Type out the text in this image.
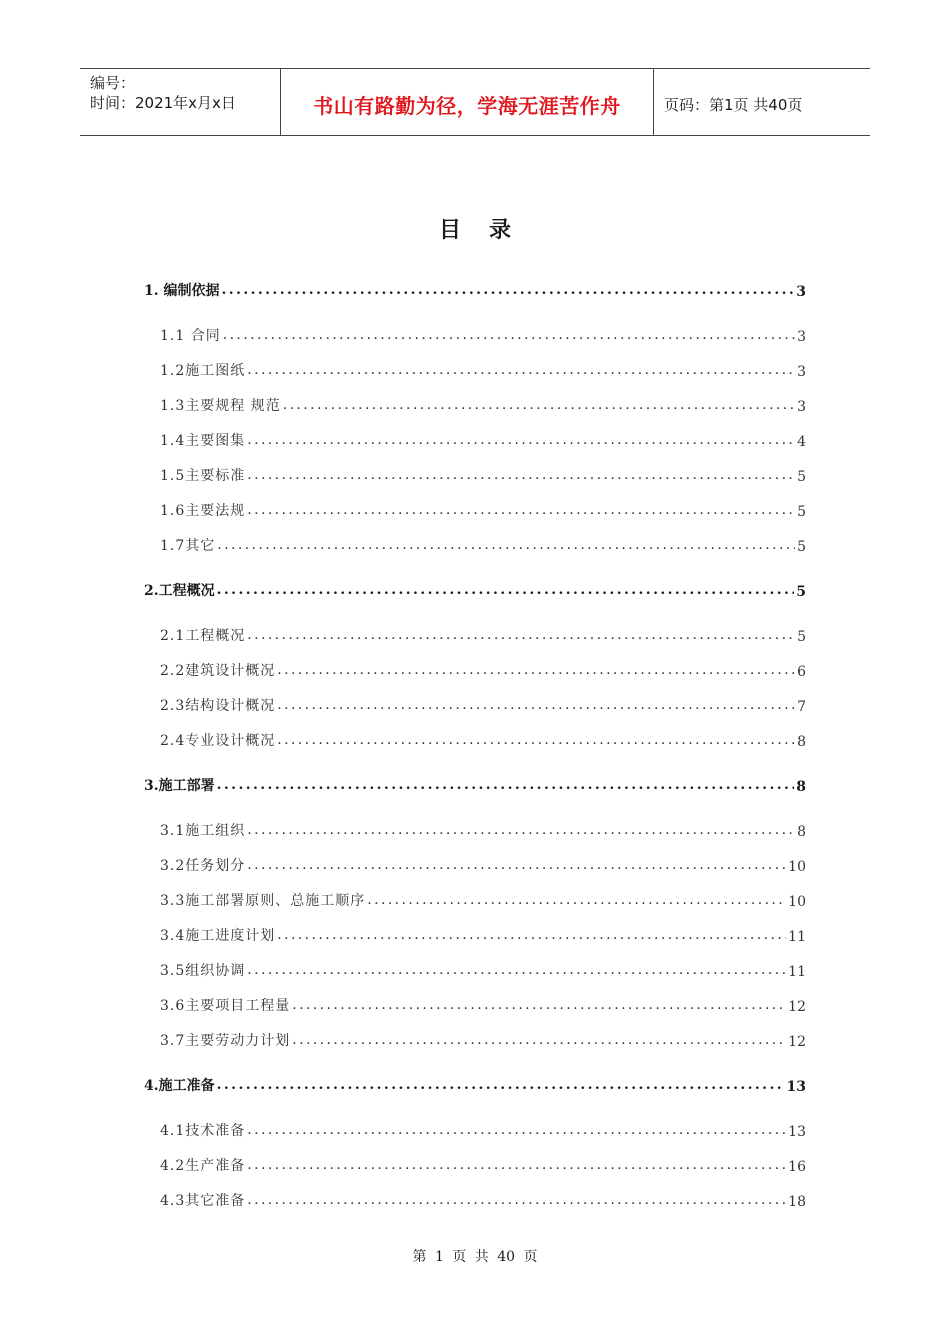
编号：
时间：2021年x月x日	书山有路勤为径，学海无涯苦作舟	页码：第1页 共40页
目录
1. 编制依据 .....	3
1.1 合同 .....	3
1.2施工图纸 .....	3
1.3主要规程 规范 .....	3
1.4主要图集 .....	4
1.5主要标准 .....	5
1.6主要法规 .....	5
1.7其它 .....	5
2.工程概况 .....	5
2.1工程概况 .....	5
2.2建筑设计概况 .....	6
2.3结构设计概况 .....	7
2.4专业设计概况 .....	8
3.施工部署 .....	8
3.1施工组织 .....	8
3.2任务划分 .....	10
3.3施工部署原则、总施工顺序 .....	10
3.4施工进度计划 .....	11
3.5组织协调 .....	11
3.6主要项目工程量 .....	12
3.7主要劳动力计划 .....	12
4.施工准备 .....	13
4.1技术准备 .....	13
4.2生产准备 .....	16
4.3其它准备 .....	18
第 1 页 共 40 页
